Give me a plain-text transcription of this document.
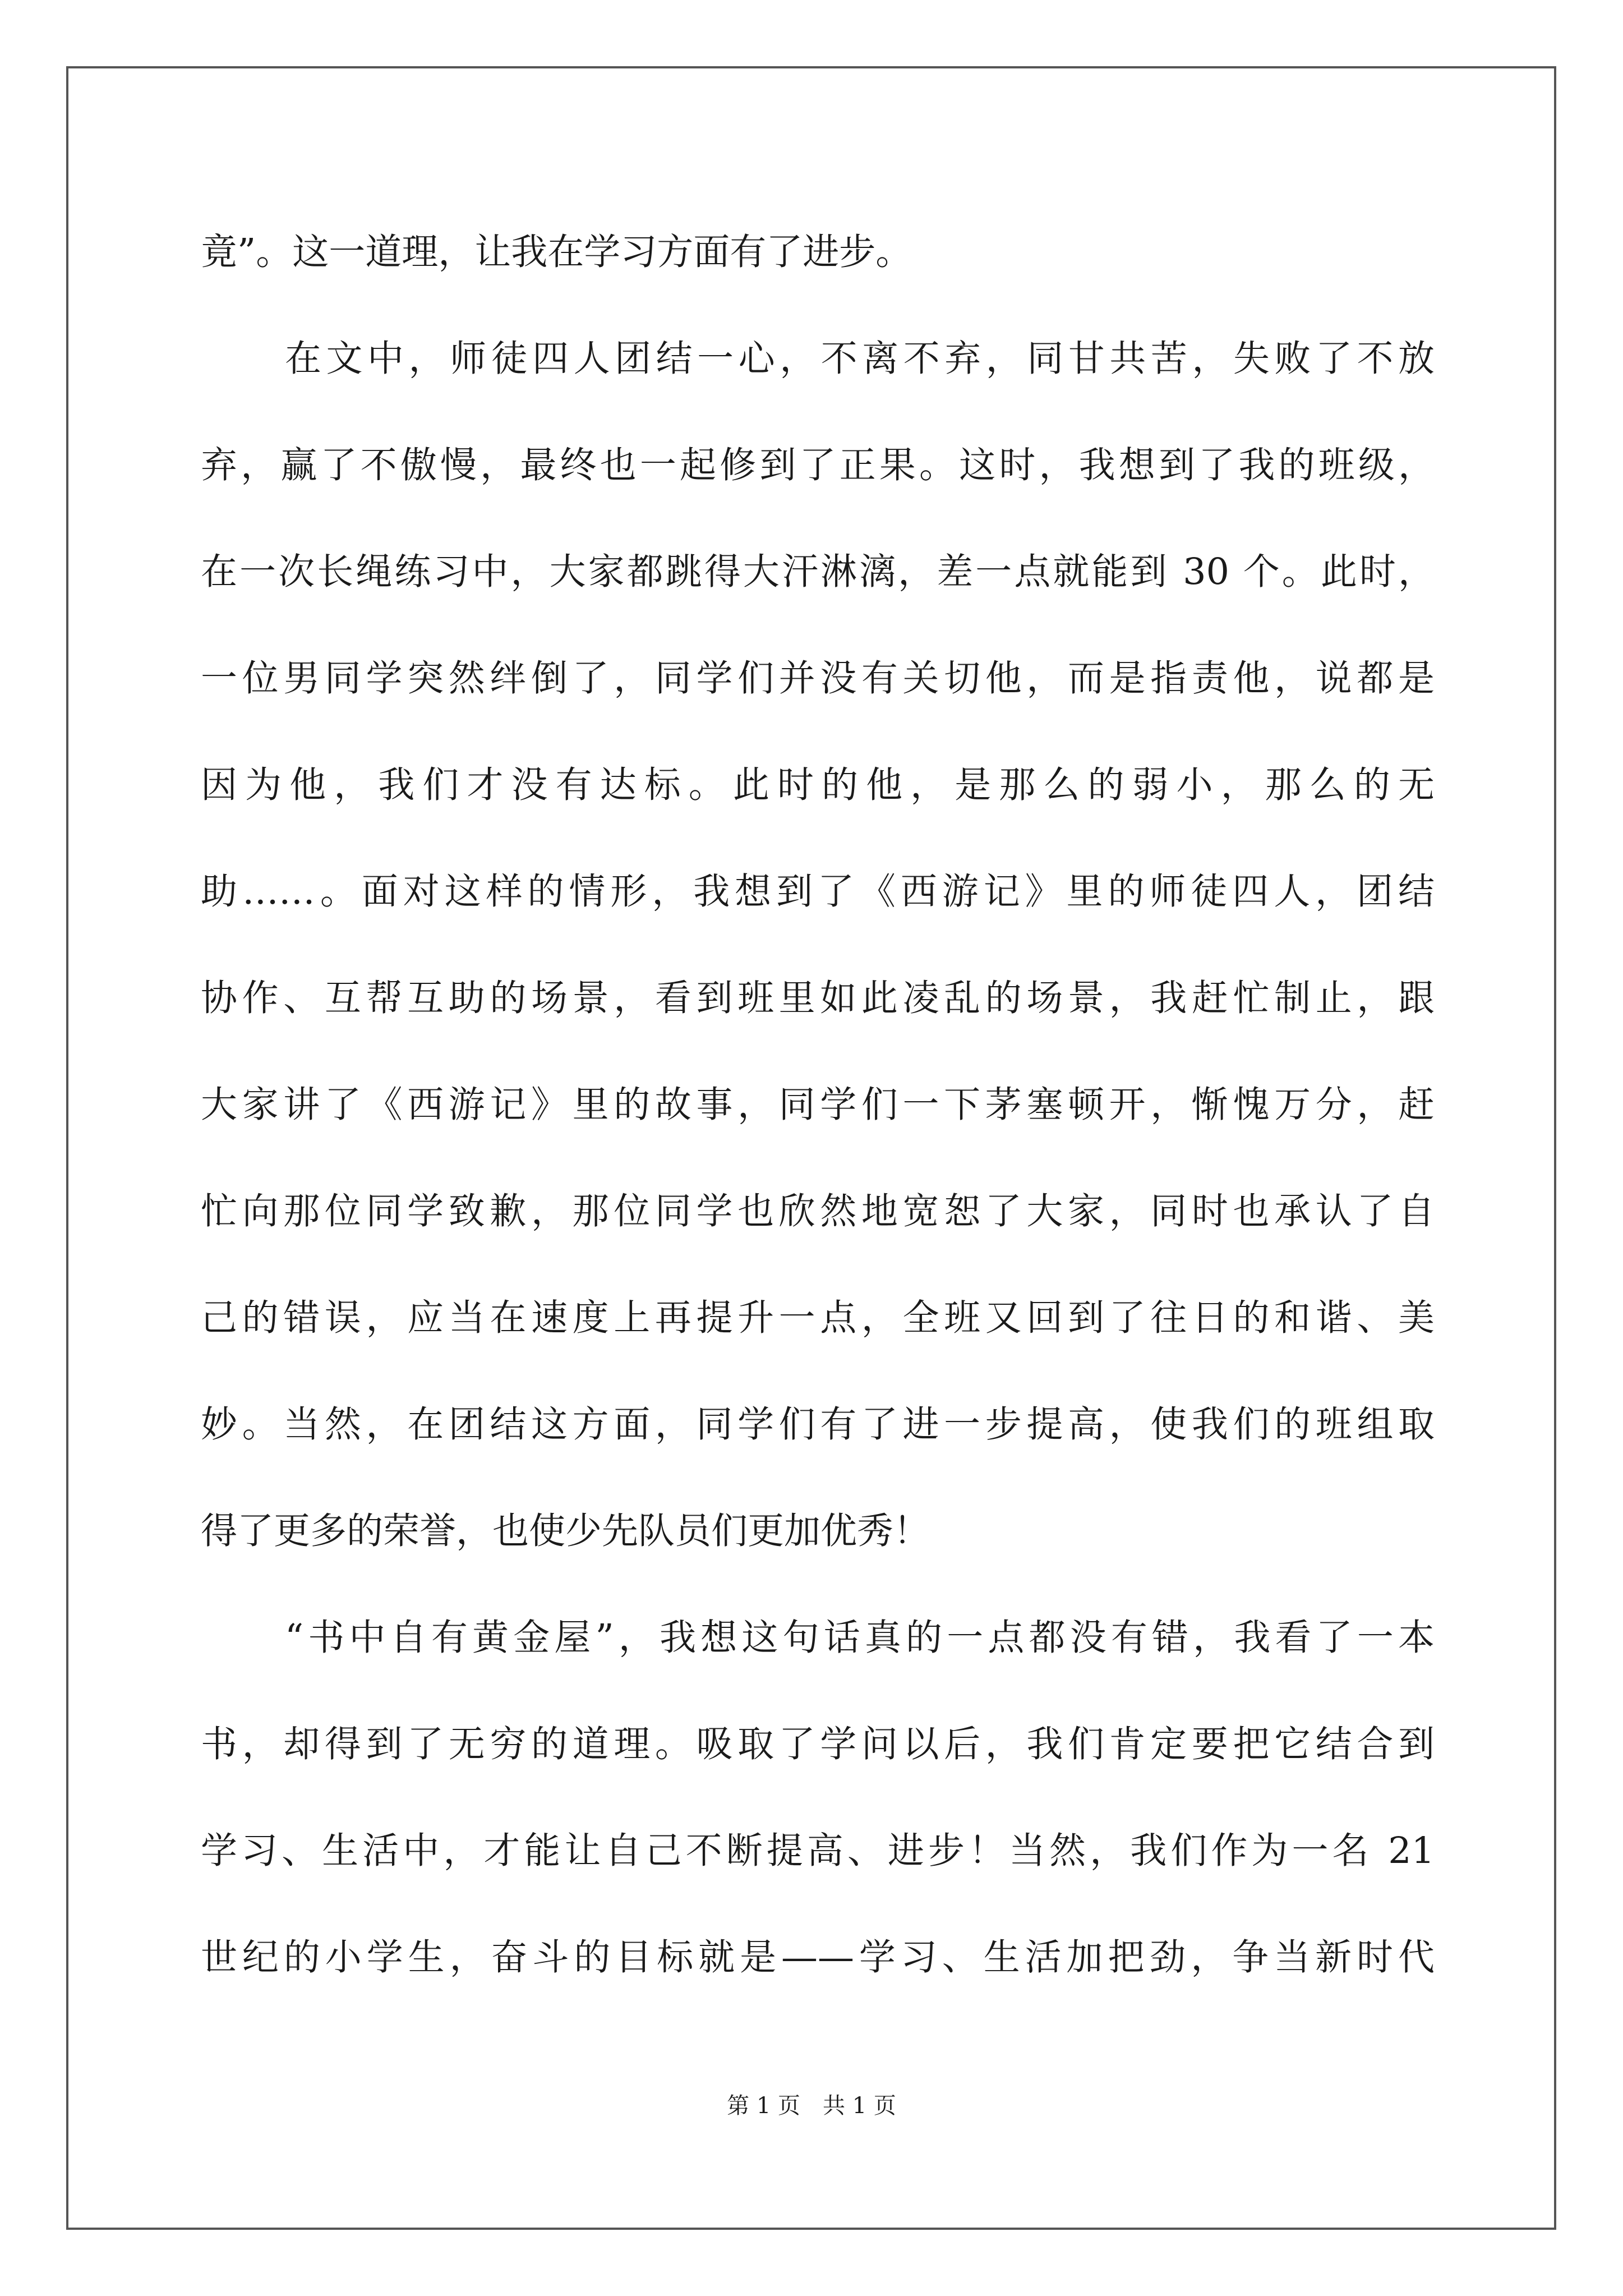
竟”。这一道理，让我在学习方面有了进步。
在文中，师徒四人团结一心，不离不弃，同甘共苦，失败了不放
弃，赢了不傲慢，最终也一起修到了正果。这时，我想到了我的班级，
在一次长绳练习中，大家都跳得大汗淋漓，差一点就能到 30 个。此时，
一位男同学突然绊倒了，同学们并没有关切他，而是指责他，说都是
因为他，我们才没有达标。此时的他，是那么的弱小，那么的无
助……。面对这样的情形，我想到了《西游记》里的师徒四人，团结
协作、互帮互助的场景，看到班里如此凌乱的场景，我赶忙制止，跟
大家讲了《西游记》里的故事，同学们一下茅塞顿开，惭愧万分，赶
忙向那位同学致歉，那位同学也欣然地宽恕了大家，同时也承认了自
己的错误，应当在速度上再提升一点，全班又回到了往日的和谐、美
妙。当然，在团结这方面，同学们有了进一步提高，使我们的班组取
得了更多的荣誉，也使少先队员们更加优秀！
“书中自有黄金屋”，我想这句话真的一点都没有错，我看了一本
书，却得到了无穷的道理。吸取了学问以后，我们肯定要把它结合到
学习、生活中，才能让自己不断提高、进步！当然，我们作为一名 21
世纪的小学生，奋斗的目标就是——学习、生活加把劲，争当新时代
第 1 页　共 1 页
